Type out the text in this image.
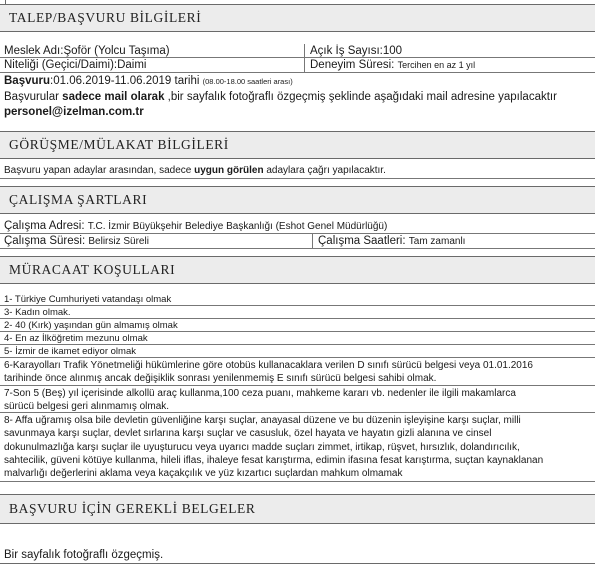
TALEP/BAŞVURU BİLGİLERİ
Meslek Adı:Şoför (Yolcu Taşıma)	Açık İş Sayısı:100
Niteliği (Geçici/Daimi):Daimi	Deneyim Süresi: Tercihen en az 1 yıl
Başvuru:01.06.2019-11.06.2019 tarihi (08.00-18.00 saatleri arası)
Başvurular sadece mail olarak ,bir sayfalık fotoğraflı özgeçmiş şeklinde aşağıdaki mail adresine yapılacaktır
personel@izelman.com.tr
GÖRÜŞME/MÜLAKAT BİLGİLERİ
Başvuru yapan adaylar arasından, sadece uygun görülen adaylara çağrı yapılacaktır.
ÇALIŞMA ŞARTLARI
Çalışma Adresi: T.C. İzmir Büyükşehir Belediye Başkanlığı (Eshot Genel Müdürlüğü)
Çalışma Süresi: Belirsiz Süreli	Çalışma Saatleri: Tam zamanlı
MÜRACAAT KOŞULLARI
1- Türkiye Cumhuriyeti vatandaşı olmak
3- Kadın olmak.
2- 40 (Kırk) yaşından gün almamış olmak
4- En az İlköğretim mezunu olmak
5- İzmir de ikamet ediyor olmak
6-Karayolları Trafik Yönetmeliği hükümlerine göre otobüs kullanacaklara verilen D sınıfı sürücü belgesi veya 01.01.2016
tarihinde önce alınmış ancak değişiklik sonrası yenilenmemiş E sınıfı sürücü belgesi sahibi olmak.
7-Son 5 (Beş) yıl içerisinde alkollü araç kullanma,100 ceza puanı, mahkeme kararı vb. nedenler ile ilgili makamlarca
sürücü belgesi geri alınmamış olmak.
8- Affa uğramış olsa bile devletin güvenliğine karşı suçlar, anayasal düzene ve bu düzenin işleyişine karşı suçlar, milli
savunmaya karşı suçlar, devlet sırlarına karşı suçlar ve casusluk, özel hayata ve hayatın gizli alanına ve cinsel
dokunulmazlığa karşı suçlar ile uyuşturucu veya uyarıcı madde suçları zimmet, irtikap, rüşvet, hırsızlık, dolandırıcılık,
sahtecilik, güveni kötüye kullanma, hileli iflas, ihaleye fesat karıştırma, edimin ifasına fesat karıştırma, suçtan kaynaklanan
malvarlığı değerlerini aklama veya kaçakçılık ve yüz kızartıcı suçlardan mahkum olmamak
BAŞVURU İÇİN GEREKLİ BELGELER
Bir sayfalık fotoğraflı özgeçmiş.
